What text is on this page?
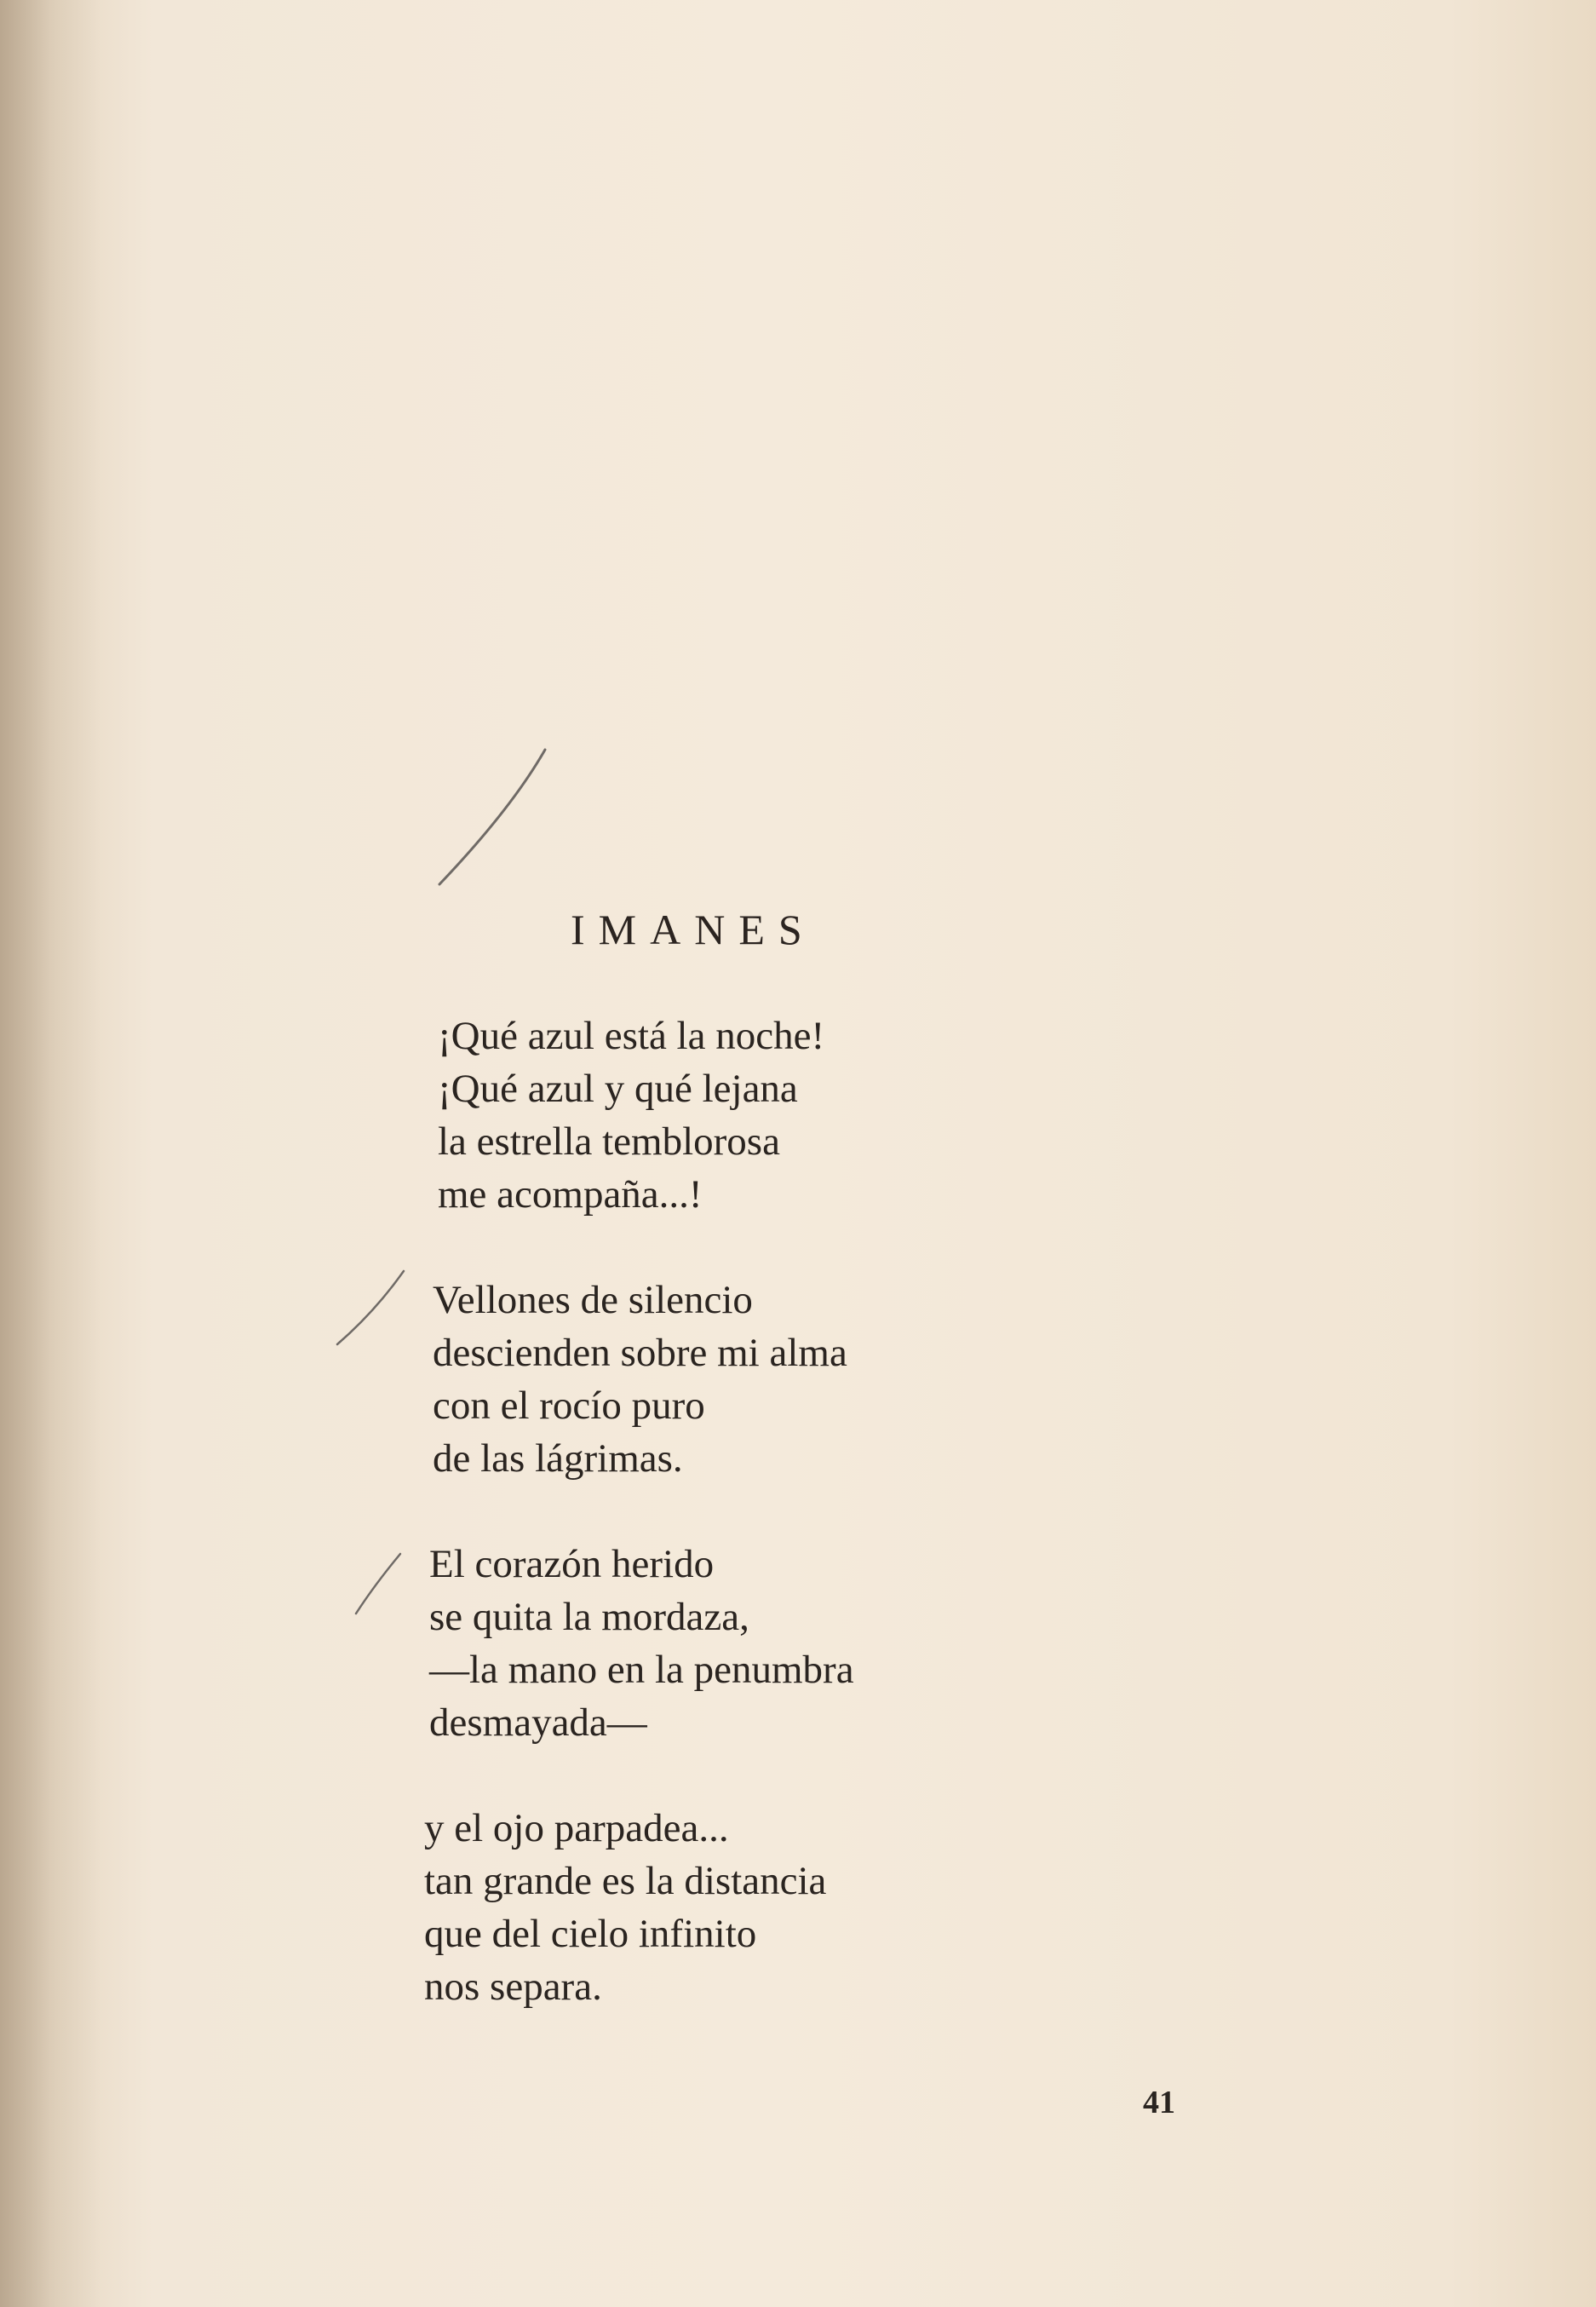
IMANES
¡Qué azul está la noche!
¡Qué azul y qué lejana
la estrella temblorosa
me acompaña...!
Vellones de silencio
descienden sobre mi alma
con el rocío puro
de las lágrimas.
El corazón herido
se quita la mordaza,
—la mano en la penumbra
desmayada—
y el ojo parpadea...
tan grande es la distancia
que del cielo infinito
nos separa.
41
